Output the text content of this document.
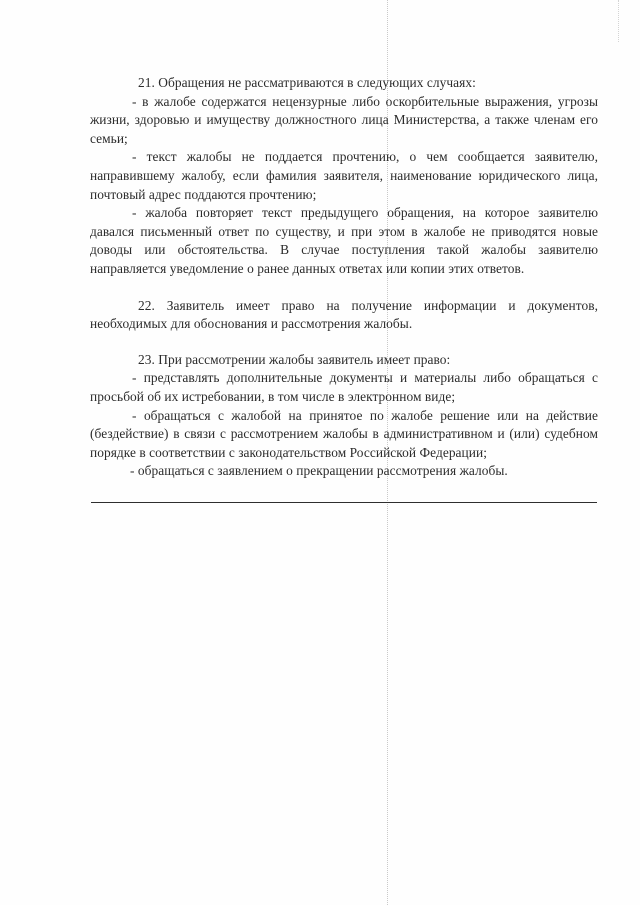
21. Обращения не рассматриваются в следующих случаях:

- в жалобе содержатся нецензурные либо оскорбительные выражения, угрозы жизни, здоровью и имуществу должностного лица Министерства, а также членам его семьи;

- текст жалобы не поддается прочтению, о чем сообщается заявителю, направившему жалобу, если фамилия заявителя, наименование юридического лица, почтовый адрес поддаются прочтению;

- жалоба повторяет текст предыдущего обращения, на которое заявителю давался письменный ответ по существу, и при этом в жалобе не приводятся новые доводы или обстоятельства. В случае поступления такой жалобы заявителю направляется уведомление о ранее данных ответах или копии этих ответов.

22. Заявитель имеет право на получение информации и документов, необходимых для обоснования и рассмотрения жалобы.

23. При рассмотрении жалобы заявитель имеет право:

- представлять дополнительные документы и материалы либо обращаться с просьбой об их истребовании, в том числе в электронном виде;

- обращаться с жалобой на принятое по жалобе решение или на действие (бездействие) в связи с рассмотрением жалобы в административном и (или) судебном порядке в соответствии с законодательством Российской Федерации;

- обращаться с заявлением о прекращении рассмотрения жалобы.
